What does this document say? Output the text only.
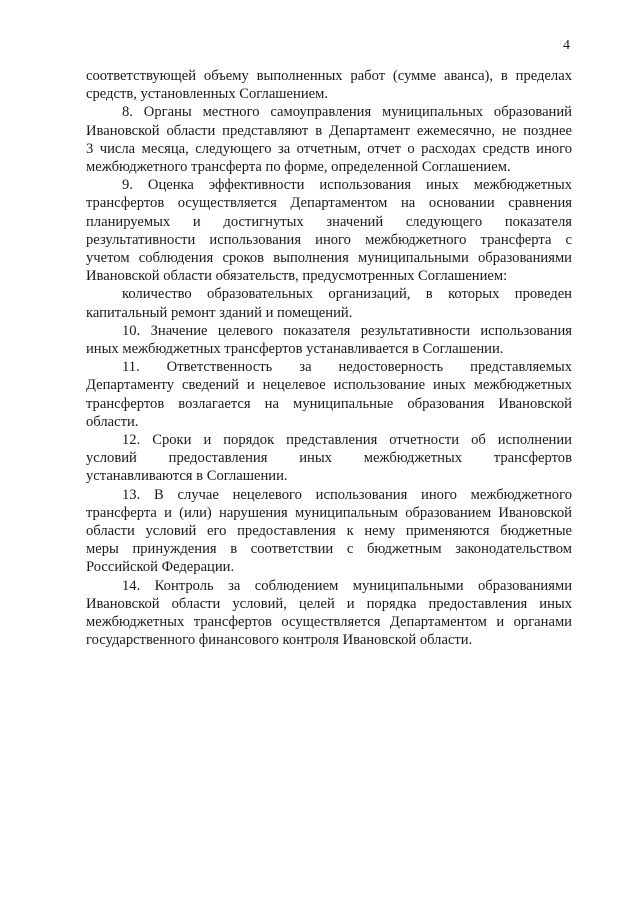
4
соответствующей объему выполненных работ (сумме аванса), в пределах
средств, установленных Соглашением.
8. Органы местного самоуправления муниципальных образований
Ивановской области представляют в Департамент ежемесячно, не позднее
3 числа месяца, следующего за отчетным, отчет о расходах средств иного
межбюджетного трансферта по форме, определенной Соглашением.
9. Оценка эффективности использования иных межбюджетных
трансфертов осуществляется Департаментом на основании сравнения
планируемых и достигнутых значений следующего показателя
результативности использования иного межбюджетного трансферта с
учетом соблюдения сроков выполнения муниципальными образованиями
Ивановской области обязательств, предусмотренных Соглашением:
количество образовательных организаций, в которых проведен
капитальный ремонт зданий и помещений.
10. Значение целевого показателя результативности использования
иных межбюджетных трансфертов устанавливается в Соглашении.
11. Ответственность за недостоверность представляемых
Департаменту сведений и нецелевое использование иных межбюджетных
трансфертов возлагается на муниципальные образования Ивановской
области.
12. Сроки и порядок представления отчетности об исполнении
условий предоставления иных межбюджетных трансфертов
устанавливаются в Соглашении.
13. В случае нецелевого использования иного межбюджетного
трансферта и (или) нарушения муниципальным образованием Ивановской
области условий его предоставления к нему применяются бюджетные
меры принуждения в соответствии с бюджетным законодательством
Российской Федерации.
14. Контроль за соблюдением муниципальными образованиями
Ивановской области условий, целей и порядка предоставления иных
межбюджетных трансфертов осуществляется Департаментом и органами
государственного финансового контроля Ивановской области.
